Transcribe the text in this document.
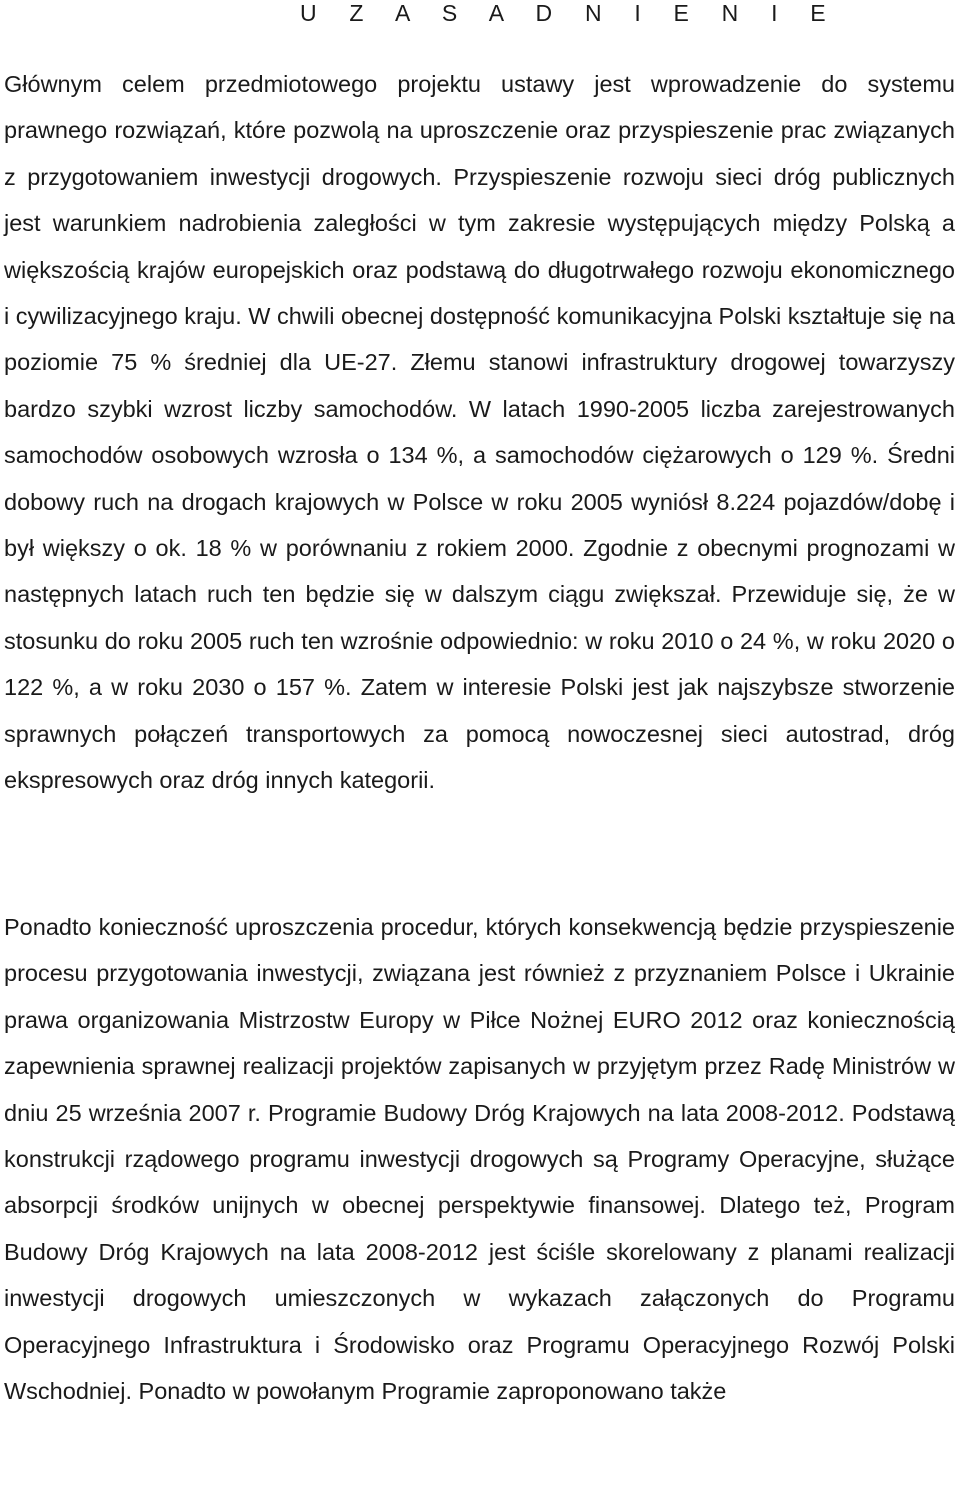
U Z A S A D N I E N I E

Głównym celem przedmiotowego projektu ustawy jest wprowadzenie do systemu prawnego rozwiązań, które pozwolą na uproszczenie oraz przyspieszenie prac związanych z przygotowaniem inwestycji drogowych. Przyspieszenie rozwoju sieci dróg publicznych jest warunkiem nadrobienia zaległości w tym zakresie występujących między Polską a większością krajów europejskich oraz podstawą do długotrwałego rozwoju ekonomicznego i cywilizacyjnego kraju. W chwili obecnej dostępność komunikacyjna Polski kształtuje się na poziomie 75 % średniej dla UE-27. Złemu stanowi infrastruktury drogowej towarzyszy bardzo szybki wzrost liczby samochodów. W latach 1990-2005 liczba zarejestrowanych samochodów osobowych wzrosła o 134 %, a samochodów ciężarowych o 129 %. Średni dobowy ruch na drogach krajowych w Polsce w roku 2005 wyniósł 8.224 pojazdów/dobę i był większy o ok. 18 % w porównaniu z rokiem 2000. Zgodnie z obecnymi prognozami w następnych latach ruch ten będzie się w dalszym ciągu zwiększał. Przewiduje się, że w stosunku do roku 2005 ruch ten wzrośnie odpowiednio: w roku 2010 o 24 %, w roku 2020 o 122 %, a w roku 2030 o 157 %. Zatem w interesie Polski jest jak najszybsze stworzenie sprawnych połączeń transportowych za pomocą nowoczesnej sieci autostrad, dróg ekspresowych oraz dróg innych kategorii.

Ponadto konieczność uproszczenia procedur, których konsekwencją będzie przyspieszenie procesu przygotowania inwestycji, związana jest również z przyznaniem Polsce i Ukrainie prawa organizowania Mistrzostw Europy w Piłce Nożnej EURO 2012 oraz koniecznością zapewnienia sprawnej realizacji projektów zapisanych w przyjętym przez Radę Ministrów w dniu 25 września 2007 r. Programie Budowy Dróg Krajowych na lata 2008-2012. Podstawą konstrukcji rządowego programu inwestycji drogowych są Programy Operacyjne, służące absorpcji środków unijnych w obecnej perspektywie finansowej. Dlatego też, Program Budowy Dróg Krajowych na lata 2008-2012 jest ściśle skorelowany z planami realizacji inwestycji drogowych umieszczonych w wykazach załączonych do Programu Operacyjnego Infrastruktura i Środowisko oraz Programu Operacyjnego Rozwój Polski Wschodniej. Ponadto w powołanym Programie zaproponowano także
